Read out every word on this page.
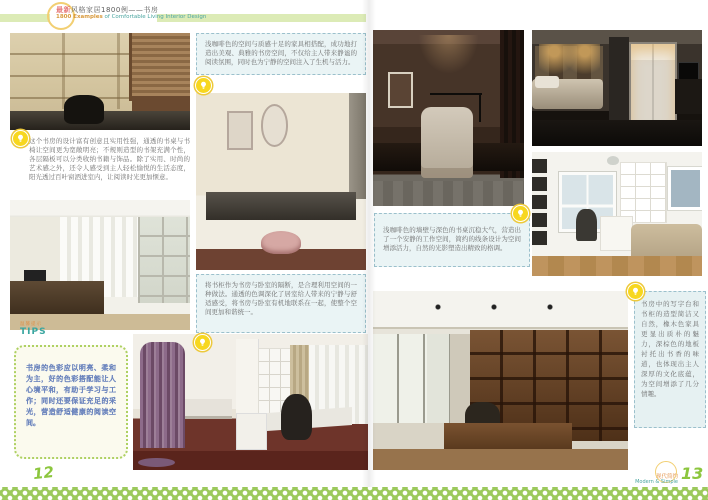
最新风格家居1800例——书房
1800 Examples of Comfortable Living Interior Design
浅咖啡色的空间与质感十足的家具相搭配，成功地打造出美观、典雅的书房空间，不仅给主人带来静谧的阅读氛围，同时也为宁静的空间注入了生机与活力。
这个书房的设计富有创意且实用性强，通透的书桌与书椅让空间更为宽敞明亮；不规则造型的书架充满个性，各层隔板可以分类收纳书籍与饰品。除了实用、时尚的艺术感之外，还令人感受到主人轻松愉悦的生活态度，阳光透过百叶窗洒进室内，让阅读时光更加惬意。
将书柜作为书房与卧室的隔断，是合理利用空间的一种做法。通透的色调深化了居室给人带来的宁静与舒适感受，将书房与卧室有机地联系在一起，使整个空间更加和谐统一。
温馨提示
TIPS
书房的色彩应以明亮、柔和为主，好的色彩搭配能让人心境平和，有助于学习与工作；同时还要保证充足的采光，营造舒适健康的阅读空间。
浅咖啡色的墙壁与深色的书桌沉稳大气，营造出了一个安静的工作空间，简约的线条设计为空间增添活力，自然的光影塑造出精致的格调。
书房中的写字台和书柜的造型简洁又自然，橡木色家具更显出质朴的魅力，深棕色的地板衬托出书香的味道，也体现出主人深厚的文化底蕴，为空间增添了几分情趣。
12	现代简约
Modern & Simple 13
